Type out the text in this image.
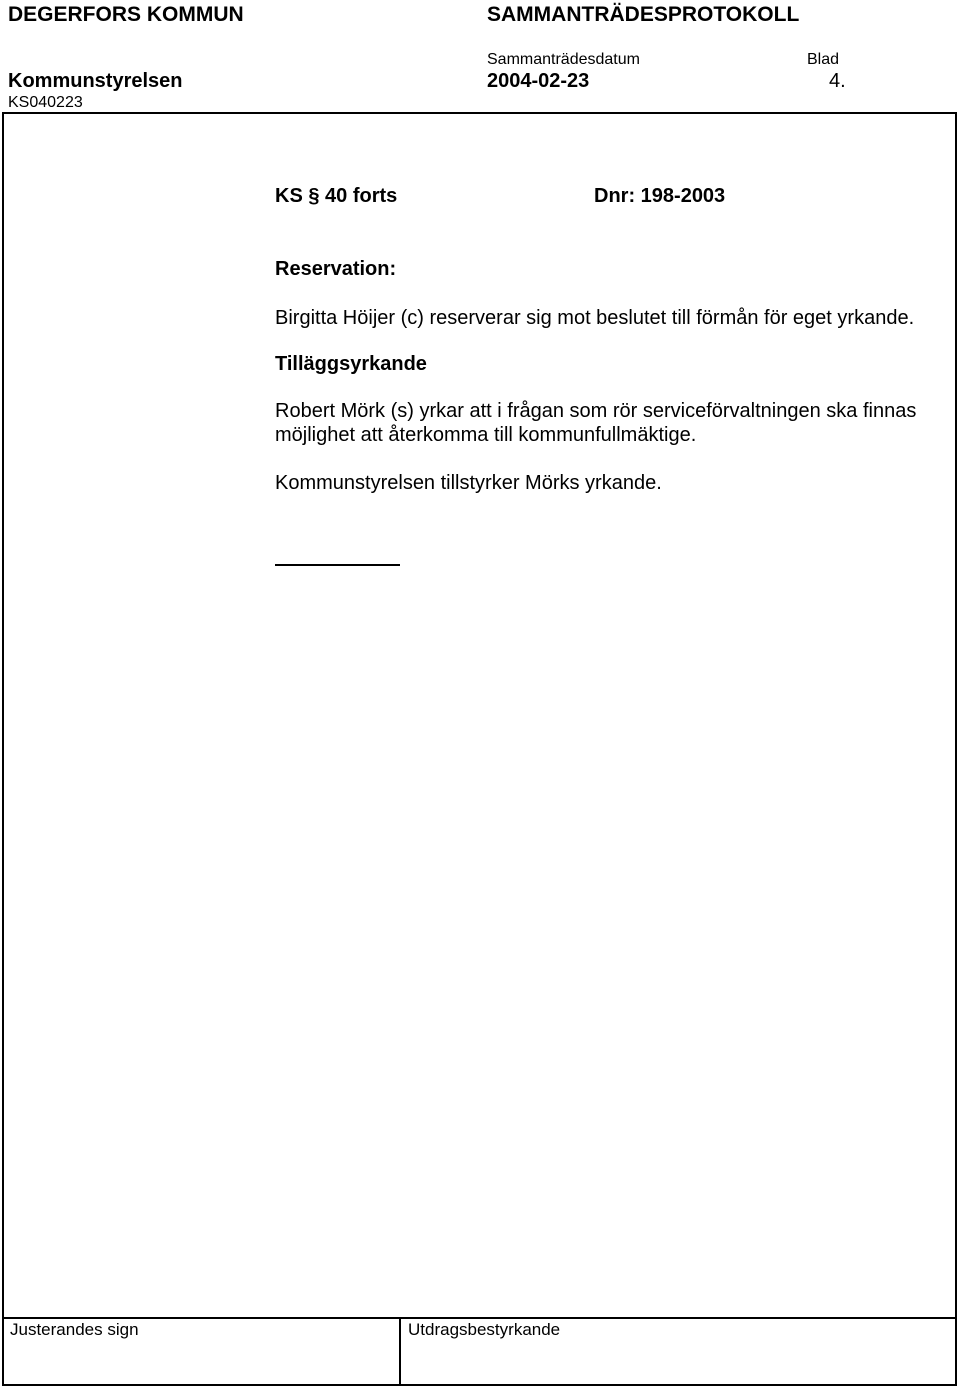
DEGERFORS KOMMUN	SAMMANTRÄDESPROTOKOLL
Sammanträdesdatum	Blad
Kommunstyrelsen	2004-02-23	4.
KS040223
KS § 40 forts	Dnr: 198-2003
Reservation:
Birgitta Höijer (c) reserverar sig mot beslutet till förmån för eget yrkande.
Tilläggsyrkande
Robert Mörk (s) yrkar att i frågan som rör serviceförvaltningen ska finnas
möjlighet att återkomma till kommunfullmäktige.
Kommunstyrelsen tillstyrker Mörks yrkande.
Justerandes sign	Utdragsbestyrkande
